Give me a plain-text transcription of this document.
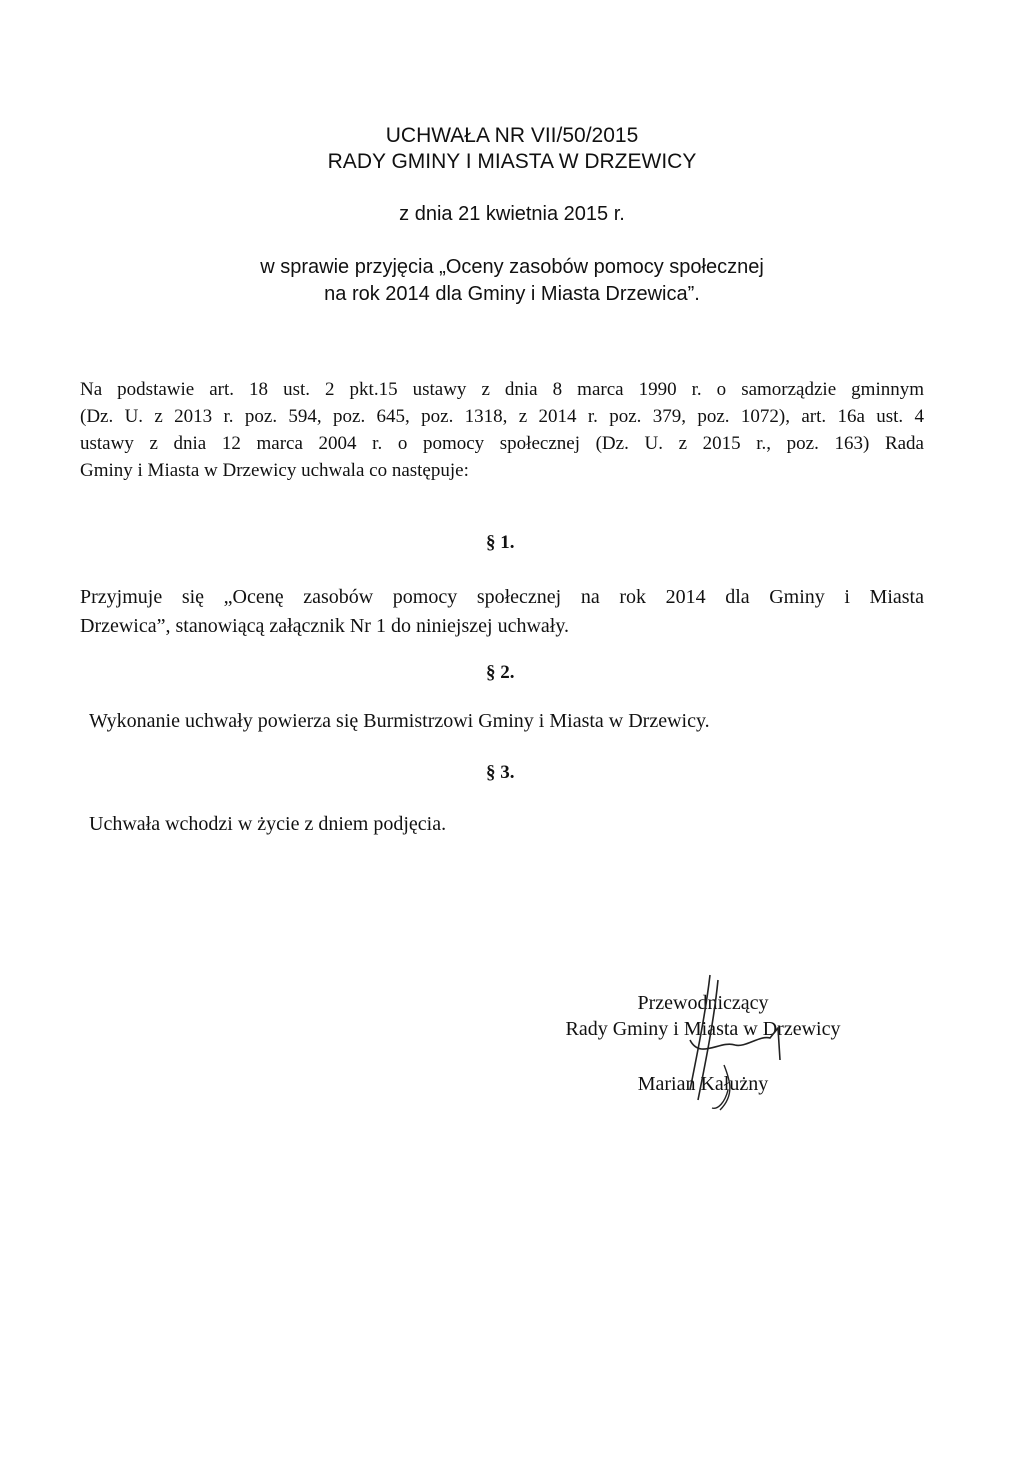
UCHWAŁA NR VII/50/2015
RADY GMINY I MIASTA W DRZEWICY
z dnia 21 kwietnia 2015 r.
w sprawie przyjęcia „Oceny zasobów pomocy społecznej
na rok 2014 dla Gminy i Miasta Drzewica”.
Na podstawie art. 18 ust. 2 pkt.15 ustawy z dnia 8 marca 1990 r. o samorządzie gminnym
(Dz. U. z 2013 r. poz. 594, poz. 645, poz. 1318, z 2014 r. poz. 379, poz. 1072), art. 16a ust. 4
ustawy z dnia 12 marca 2004 r. o pomocy społecznej (Dz. U. z 2015 r., poz. 163) Rada
Gminy i Miasta w Drzewicy uchwala co następuje:
§ 1.
Przyjmuje się „Ocenę zasobów pomocy społecznej na rok 2014 dla Gminy i Miasta
Drzewica”, stanowiącą załącznik Nr 1 do niniejszej uchwały.
§ 2.
Wykonanie uchwały powierza się Burmistrzowi Gminy i Miasta w Drzewicy.
§ 3.
Uchwała wchodzi w życie z dniem podjęcia.
Przewodniczący
Rady Gminy i Miasta w Drzewicy
Marian Kałużny
